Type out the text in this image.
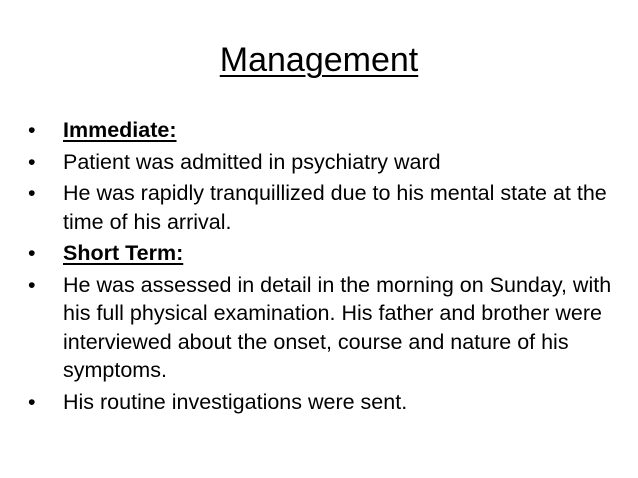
Management
•	Immediate:
•	Patient was admitted in psychiatry ward
•	He was rapidly tranquillized due to his mental state at the time of his arrival.
•	Short Term:
•	He was assessed in detail in the morning on Sunday, with his full physical examination. His father and brother were interviewed about the onset, course and nature of his symptoms.
•	His routine investigations were sent.
